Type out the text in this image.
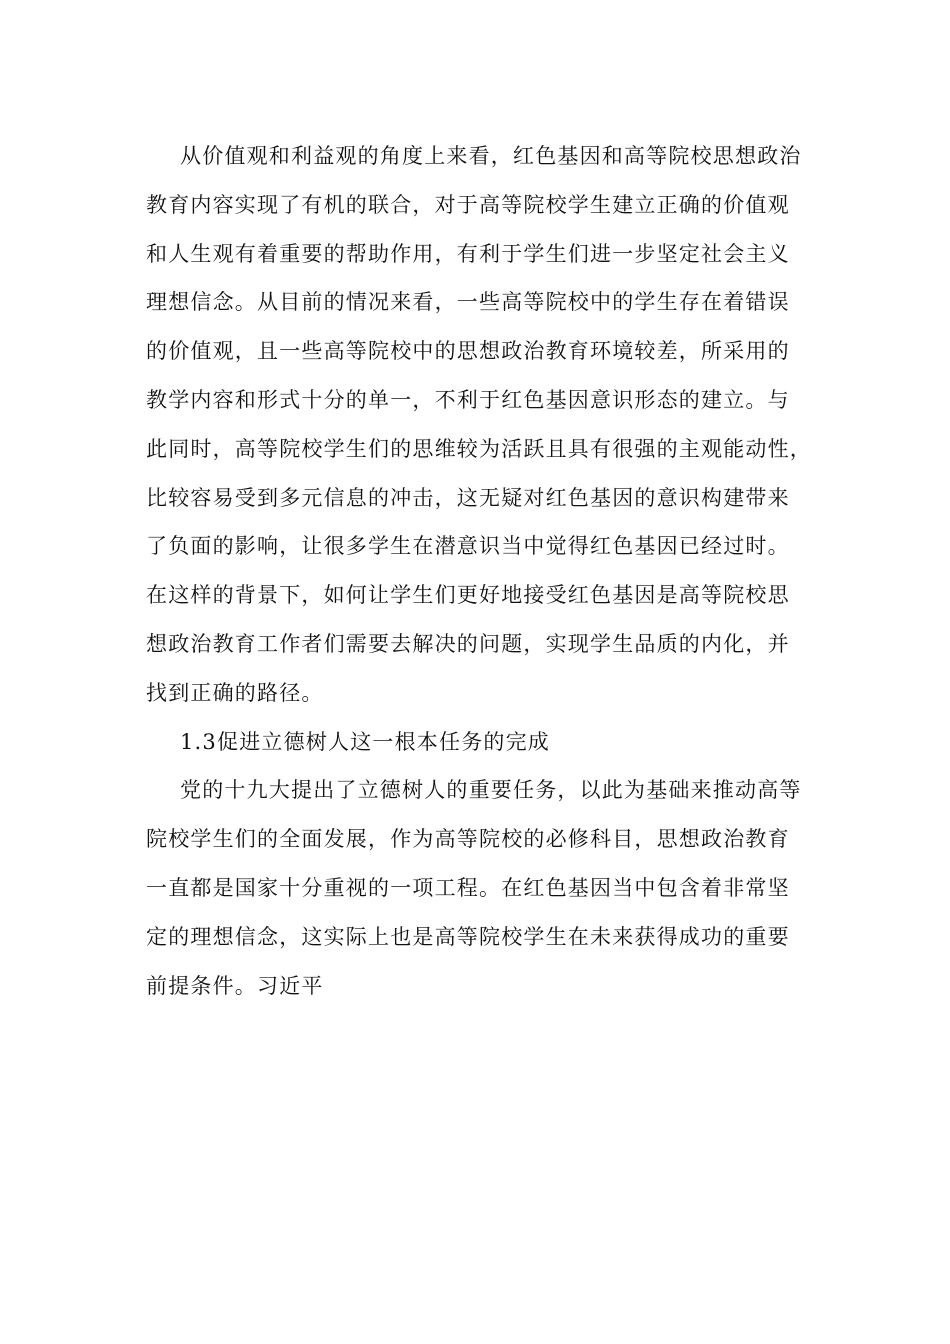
从价值观和利益观的角度上来看，红色基因和高等院校思想政治
教育内容实现了有机的联合，对于高等院校学生建立正确的价值观
和人生观有着重要的帮助作用，有利于学生们进一步坚定社会主义
理想信念。从目前的情况来看，一些高等院校中的学生存在着错误
的价值观，且一些高等院校中的思想政治教育环境较差，所采用的
教学内容和形式十分的单一，不利于红色基因意识形态的建立。与
此同时，高等院校学生们的思维较为活跃且具有很强的主观能动性，
比较容易受到多元信息的冲击，这无疑对红色基因的意识构建带来
了负面的影响，让很多学生在潜意识当中觉得红色基因已经过时。
在这样的背景下，如何让学生们更好地接受红色基因是高等院校思
想政治教育工作者们需要去解决的问题，实现学生品质的内化，并
找到正确的路径。
1.3促进立德树人这一根本任务的完成
党的十九大提出了立德树人的重要任务，以此为基础来推动高等
院校学生们的全面发展，作为高等院校的必修科目，思想政治教育
一直都是国家十分重视的一项工程。在红色基因当中包含着非常坚
定的理想信念，这实际上也是高等院校学生在未来获得成功的重要
前提条件。习近平
